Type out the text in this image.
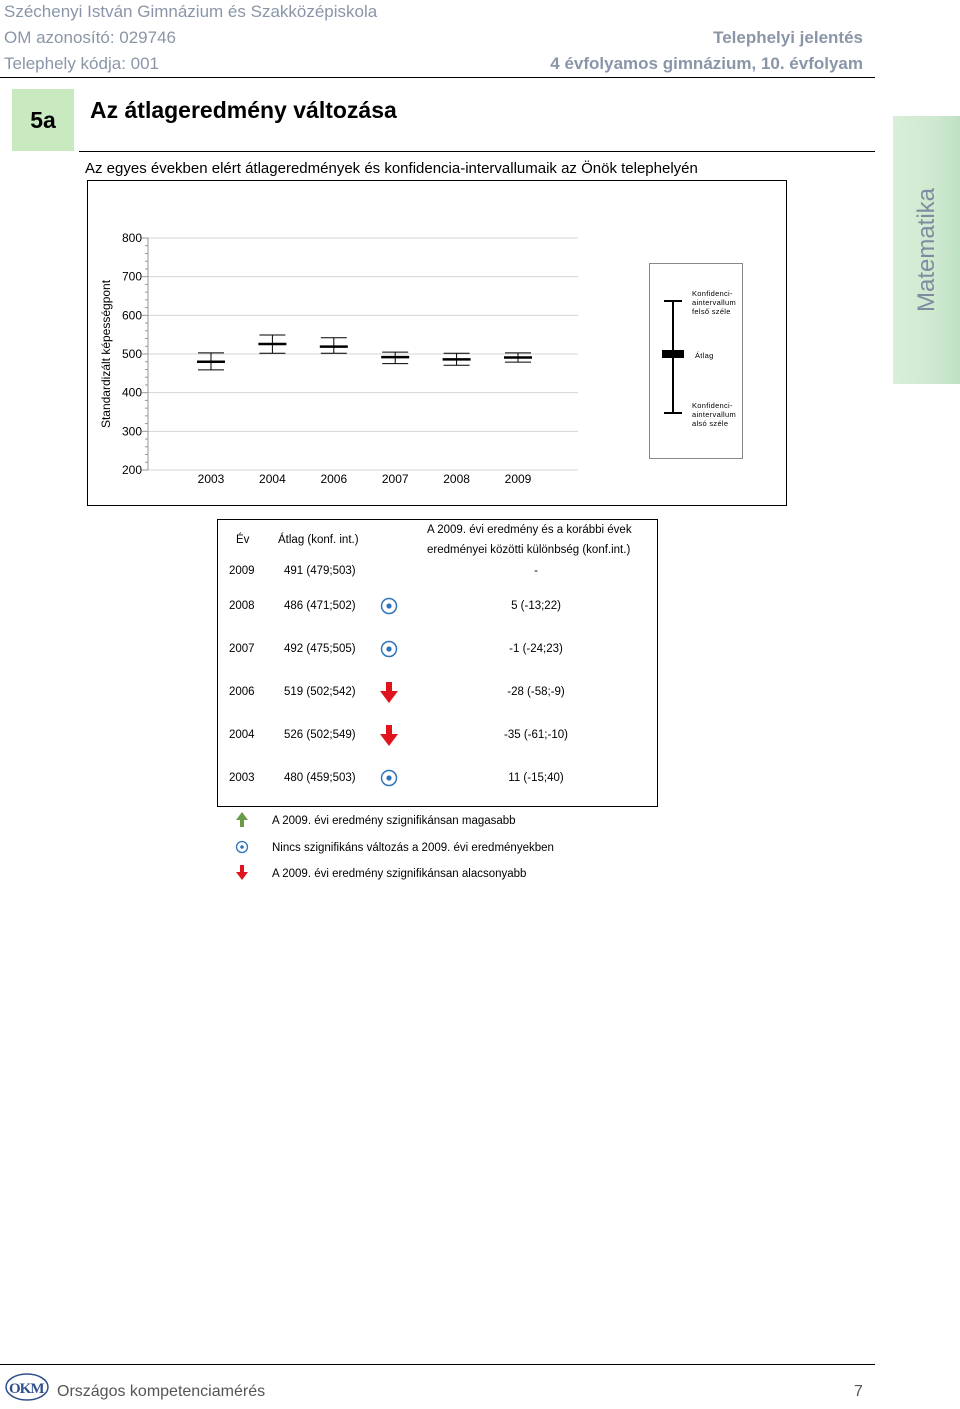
Széchenyi István Gimnázium és Szakközépiskola
OM azonosító: 029746
Telephely kódja: 001
Telephelyi jelentés
4 évfolyamos gimnázium, 10. évfolyam
5a	Az átlageredmény változása
Az egyes években elért átlageredmények és konfidencia-intervallumaik az Önök telephelyén
Matematika
200
300
400
500
600
700
800
Standardizált képességpont
2003	2004	2006	2007	2008	2009
Konfidenci-aintervallum felső széle
Átlag
Konfidenci-aintervallum alsó széle
Év Átlag (konf. int.)
A 2009. évi eredmény és a korábbi évek
eredményei közötti különbség (konf.int.)
2009	491 (479;503)	-
2008	486 (471;502)	5 (-13;22)
2007	492 (475;505)	-1 (-24;23)
2006	519 (502;542)	-28 (-58;-9)
2004	526 (502;549)	-35 (-61;-10)
2003	480 (459;503)	11 (-15;40)
A 2009. évi eredmény szignifikánsan magasabb
Nincs szignifikáns változás a 2009. évi eredményekben
A 2009. évi eredmény szignifikánsan alacsonyabb
OKM Országos kompetenciamérés	7
